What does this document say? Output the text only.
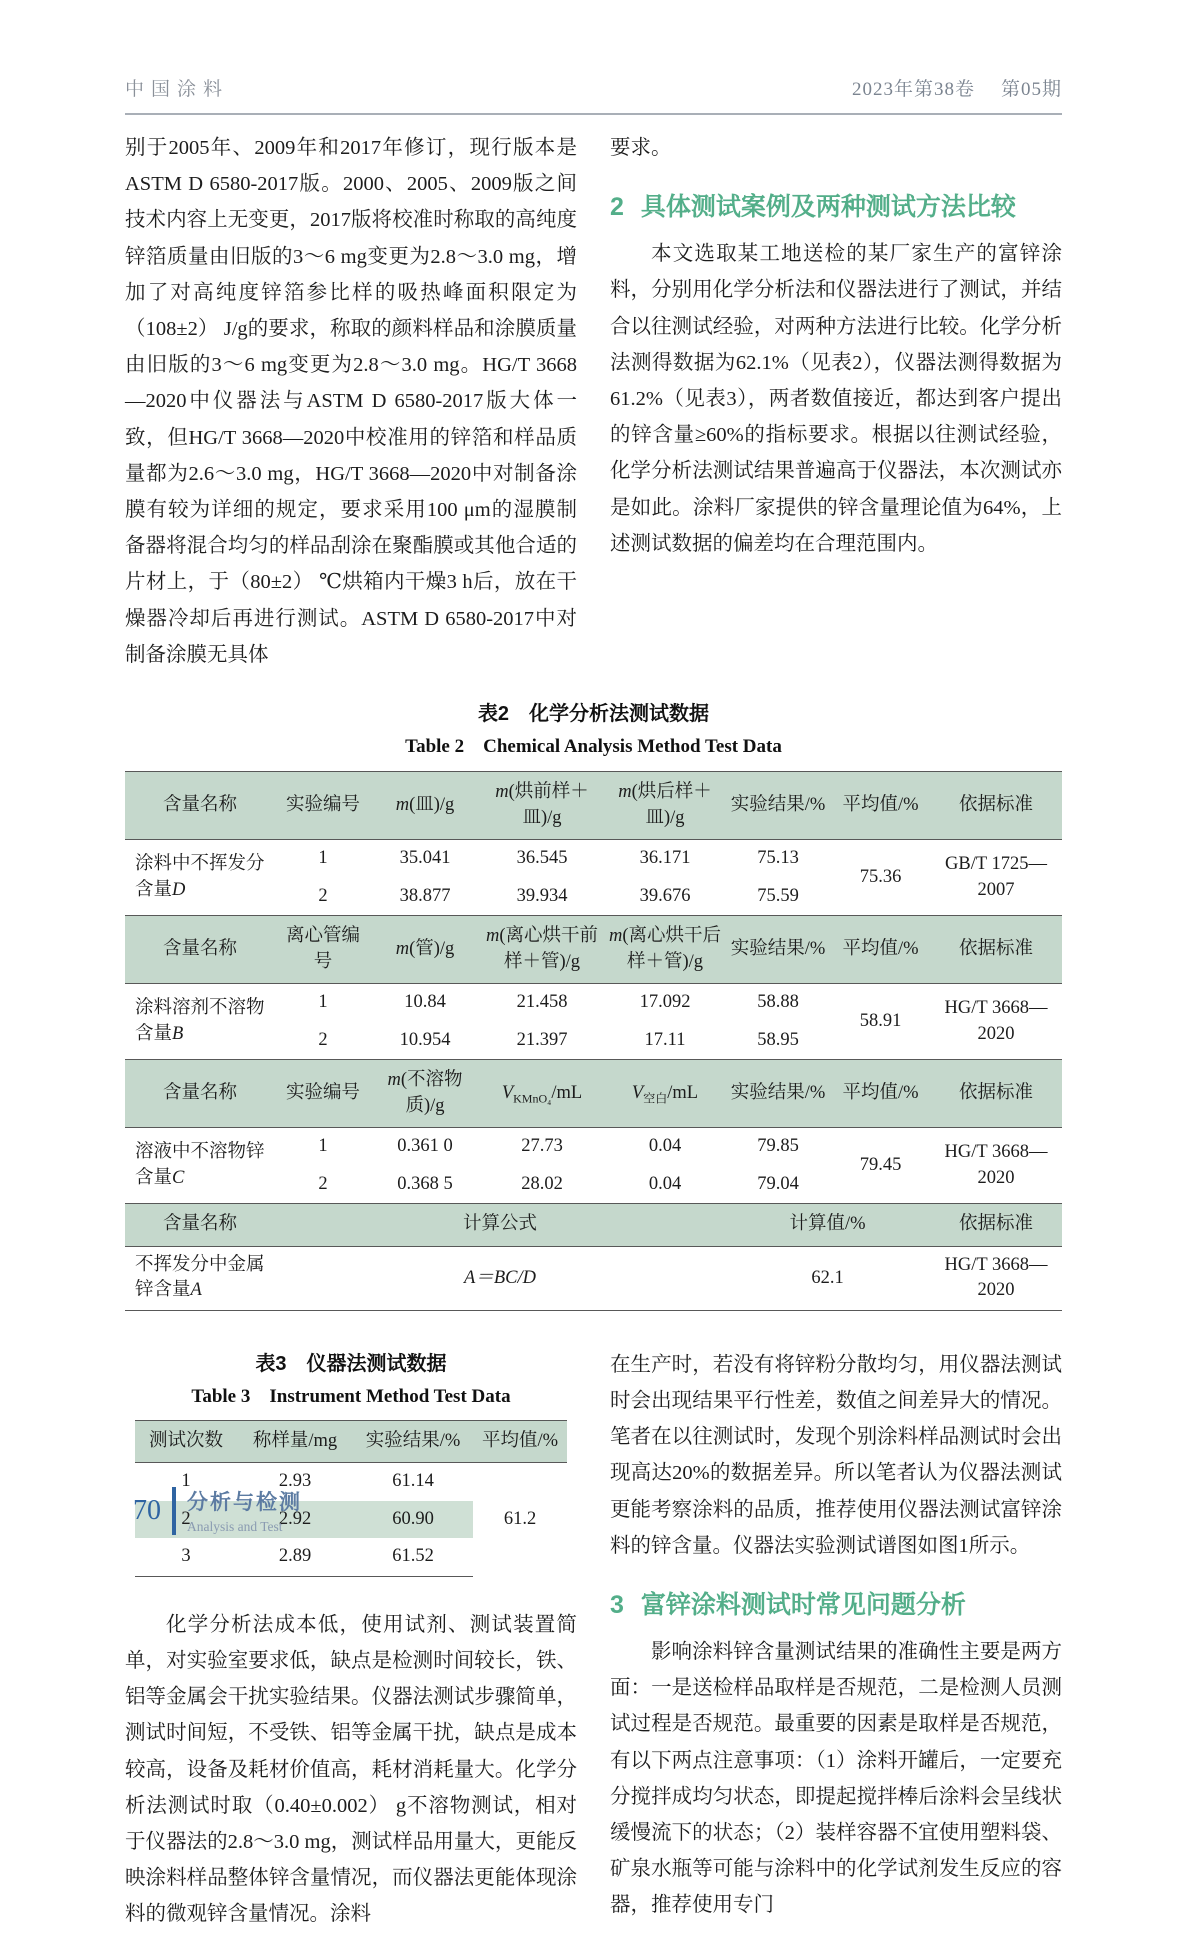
中国涂料	2023年第38卷 第05期

别于2005年、2009年和2017年修订，现行版本是ASTM D 6580-2017版。2000、2005、2009版之间技术内容上无变更，2017版将校准时称取的高纯度锌箔质量由旧版的3～6 mg变更为2.8～3.0 mg，增加了对高纯度锌箔参比样的吸热峰面积限定为（108±2） J/g的要求，称取的颜料样品和涂膜质量由旧版的3～6 mg变更为2.8～3.0 mg。HG/T 3668—2020中仪器法与ASTM D 6580-2017版大体一致，但HG/T 3668—2020中校准用的锌箔和样品质量都为2.6～3.0 mg，HG/T 3668—2020中对制备涂膜有较为详细的规定，要求采用100 μm的湿膜制备器将混合均匀的样品刮涂在聚酯膜或其他合适的片材上，于（80±2） ℃烘箱内干燥3 h后，放在干燥器冷却后再进行测试。ASTM D 6580-2017中对制备涂膜无具体

要求。

2 具体测试案例及两种测试方法比较

本文选取某工地送检的某厂家生产的富锌涂料，分别用化学分析法和仪器法进行了测试，并结合以往测试经验，对两种方法进行比较。化学分析法测得数据为62.1%（见表2），仪器法测得数据为61.2%（见表3），两者数值接近，都达到客户提出的锌含量≥60%的指标要求。根据以往测试经验，化学分析法测试结果普遍高于仪器法，本次测试亦是如此。涂料厂家提供的锌含量理论值为64%，上述测试数据的偏差均在合理范围内。

表2　化学分析法测试数据
Table 2　Chemical Analysis Method Test Data
含量名称	实验编号	m(皿)/g	m(烘前样＋皿)/g	m(烘后样＋皿)/g	实验结果/%	平均值/%	依据标准
涂料中不挥发分含量D	1	35.041	36.545	36.171	75.13	75.36	GB/T 1725—2007
	2	38.877	39.934	39.676	75.59		
含量名称	离心管编号	m(管)/g	m(离心烘干前样＋管)/g	m(离心烘干后样＋管)/g	实验结果/%	平均值/%	依据标准
涂料溶剂不溶物含量B	1	10.84	21.458	17.092	58.88	58.91	HG/T 3668—2020
	2	10.954	21.397	17.11	58.95		
含量名称	实验编号	m(不溶物质)/g	$V_{KMnO_4}/mL$	$V_{空白}/mL$	实验结果/%	平均值/%	依据标准
溶液中不溶物锌含量C	1	0.361 0	27.73	0.04	79.85	79.45	HG/T 3668—2020
	2	0.368 5	28.02	0.04	79.04		
含量名称	计算公式				计算值/%		依据标准
不挥发分中金属锌含量A	A＝BC/D				62.1		HG/T 3668—2020
表3　仪器法测试数据
Table 3　Instrument Method Test Data
测试次数	称样量/mg	实验结果/%	平均值/%
1	2.93	61.14	61.2
2	2.92	60.90	
3	2.89	61.52	

化学分析法成本低，使用试剂、测试装置简单，对实验室要求低，缺点是检测时间较长，铁、铝等金属会干扰实验结果。仪器法测试步骤简单，测试时间短，不受铁、铝等金属干扰，缺点是成本较高，设备及耗材价值高，耗材消耗量大。化学分析法测试时取（0.40±0.002） g不溶物测试，相对于仪器法的2.8～3.0 mg，测试样品用量大，更能反映涂料样品整体锌含量情况，而仪器法更能体现涂料的微观锌含量情况。涂料

在生产时，若没有将锌粉分散均匀，用仪器法测试时会出现结果平行性差，数值之间差异大的情况。笔者在以往测试时，发现个别涂料样品测试时会出现高达20%的数据差异。所以笔者认为仪器法测试更能考察涂料的品质，推荐使用仪器法测试富锌涂料的锌含量。仪器法实验测试谱图如图1所示。

3 富锌涂料测试时常见问题分析

影响涂料锌含量测试结果的准确性主要是两方面：一是送检样品取样是否规范，二是检测人员测试过程是否规范。最重要的因素是取样是否规范，有以下两点注意事项：（1）涂料开罐后，一定要充分搅拌成均匀状态，即提起搅拌棒后涂料会呈线状缓慢流下的状态；（2）装样容器不宜使用塑料袋、矿泉水瓶等可能与涂料中的化学试剂发生反应的容器，推荐使用专门

70 分析与检测
Analysis and Test
